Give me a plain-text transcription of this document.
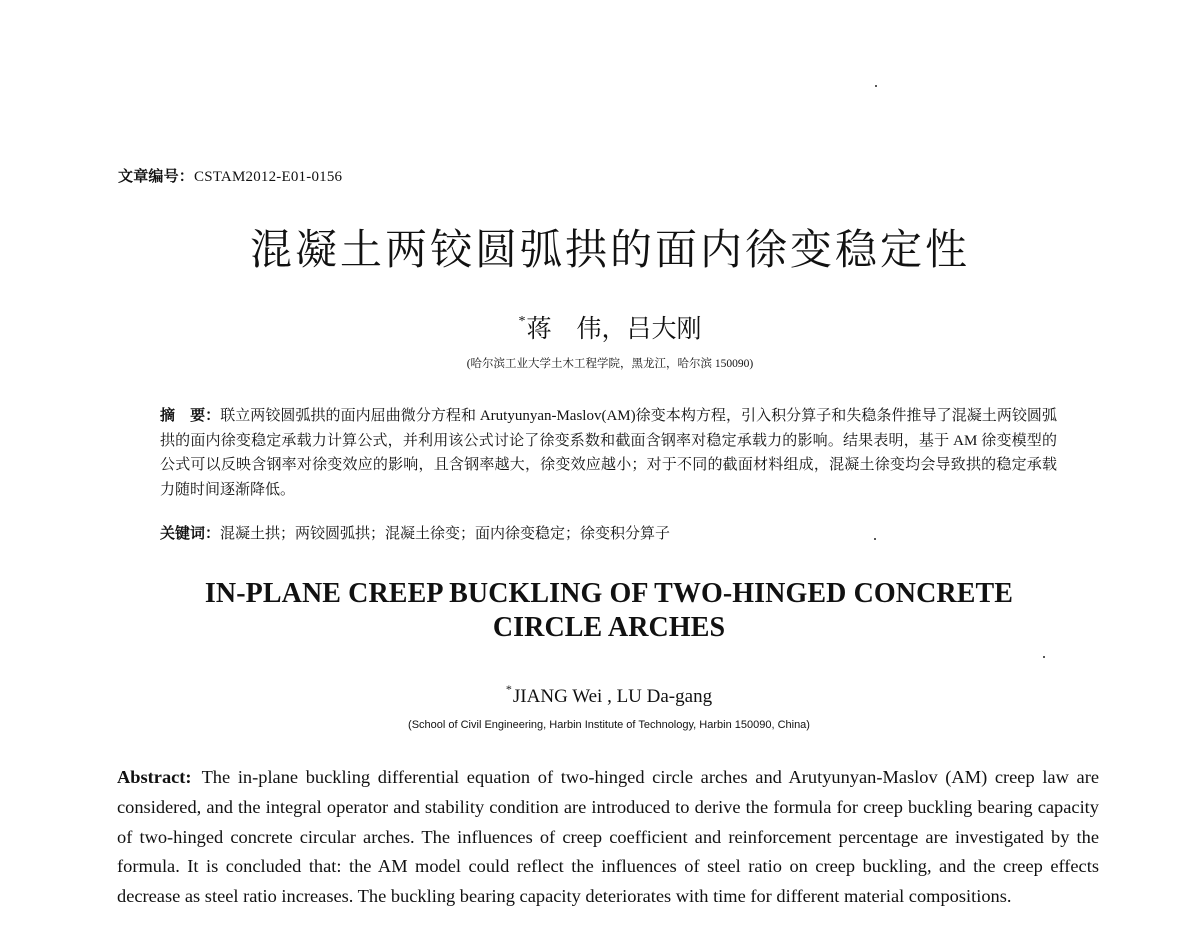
文章编号：CSTAM2012-E01-0156
混凝土两铰圆弧拱的面内徐变稳定性
*蒋　伟，吕大刚
(哈尔滨工业大学土木工程学院，黑龙江，哈尔滨 150090)

摘　要：联立两铰圆弧拱的面内屈曲微分方程和 Arutyunyan-Maslov(AM)徐变本构方程，引入积分算子和失稳条件推导了混凝土两铰圆弧拱的面内徐变稳定承载力计算公式，并利用该公式讨论了徐变系数和截面含钢率对稳定承载力的影响。结果表明，基于 AM 徐变模型的公式可以反映含钢率对徐变效应的影响，且含钢率越大，徐变效应越小；对于不同的截面材料组成，混凝土徐变均会导致拱的稳定承载力随时间逐渐降低。

关键词：混凝土拱；两铰圆弧拱；混凝土徐变；面内徐变稳定；徐变积分算子
IN-PLANE CREEP BUCKLING OF TWO-HINGED CONCRETE
CIRCLE ARCHES
*JIANG Wei , LU Da-gang
(School of Civil Engineering, Harbin Institute of Technology, Harbin 150090, China)
Abstract: The in-plane buckling differential equation of two-hinged circle arches and Arutyunyan-Maslov (AM) creep law are considered, and the integral operator and stability condition are introduced to derive the formula for creep buckling bearing capacity of two-hinged concrete circular arches. The influences of creep coefficient and reinforcement percentage are investigated by the formula. It is concluded that: the AM model could reflect the influences of steel ratio on creep buckling, and the creep effects decrease as steel ratio increases. The buckling bearing capacity deteriorates with time for different material compositions.
